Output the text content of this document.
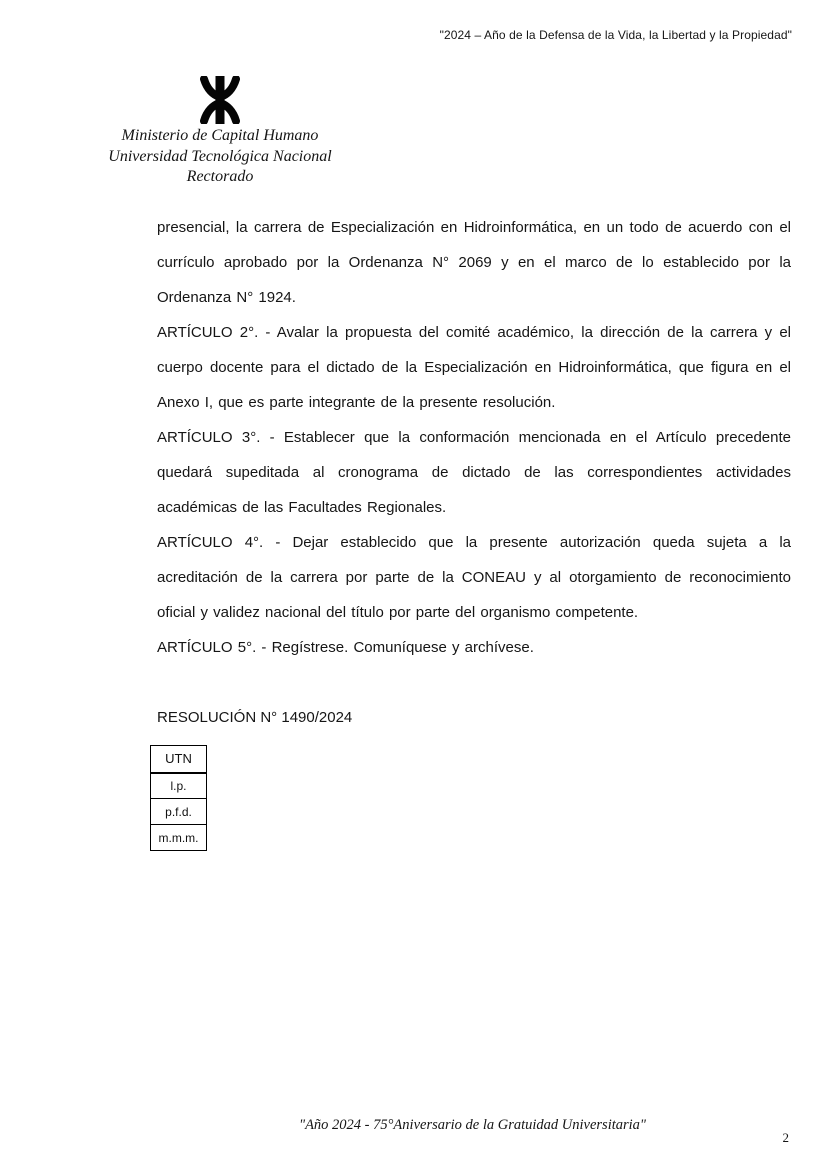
"2024 – Año de la Defensa de la Vida, la Libertad y la Propiedad"
Ministerio de Capital Humano
Universidad Tecnológica Nacional
Rectorado

presencial, la carrera de Especialización en Hidroinformática, en un todo de acuerdo con el currículo aprobado por la Ordenanza N° 2069 y en el marco de lo establecido por la Ordenanza N° 1924.

ARTÍCULO 2°. - Avalar la propuesta del comité académico, la dirección de la carrera y el cuerpo docente para el dictado de la Especialización en Hidroinformática, que figura en el Anexo I, que es parte integrante de la presente resolución.

ARTÍCULO 3°. - Establecer que la conformación mencionada en el Artículo precedente quedará supeditada al cronograma de dictado de las correspondientes actividades académicas de las Facultades Regionales.

ARTÍCULO 4°. - Dejar establecido que la presente autorización queda sujeta a la acreditación de la carrera por parte de la CONEAU y al otorgamiento de reconocimiento oficial y validez nacional del título por parte del organismo competente.

ARTÍCULO 5°. - Regístrese. Comuníquese y archívese.

RESOLUCIÓN N° 1490/2024
UTN
l.p.
p.f.d.
m.m.m.
"Año 2024 - 75°Aniversario de la Gratuidad Universitaria"
2
